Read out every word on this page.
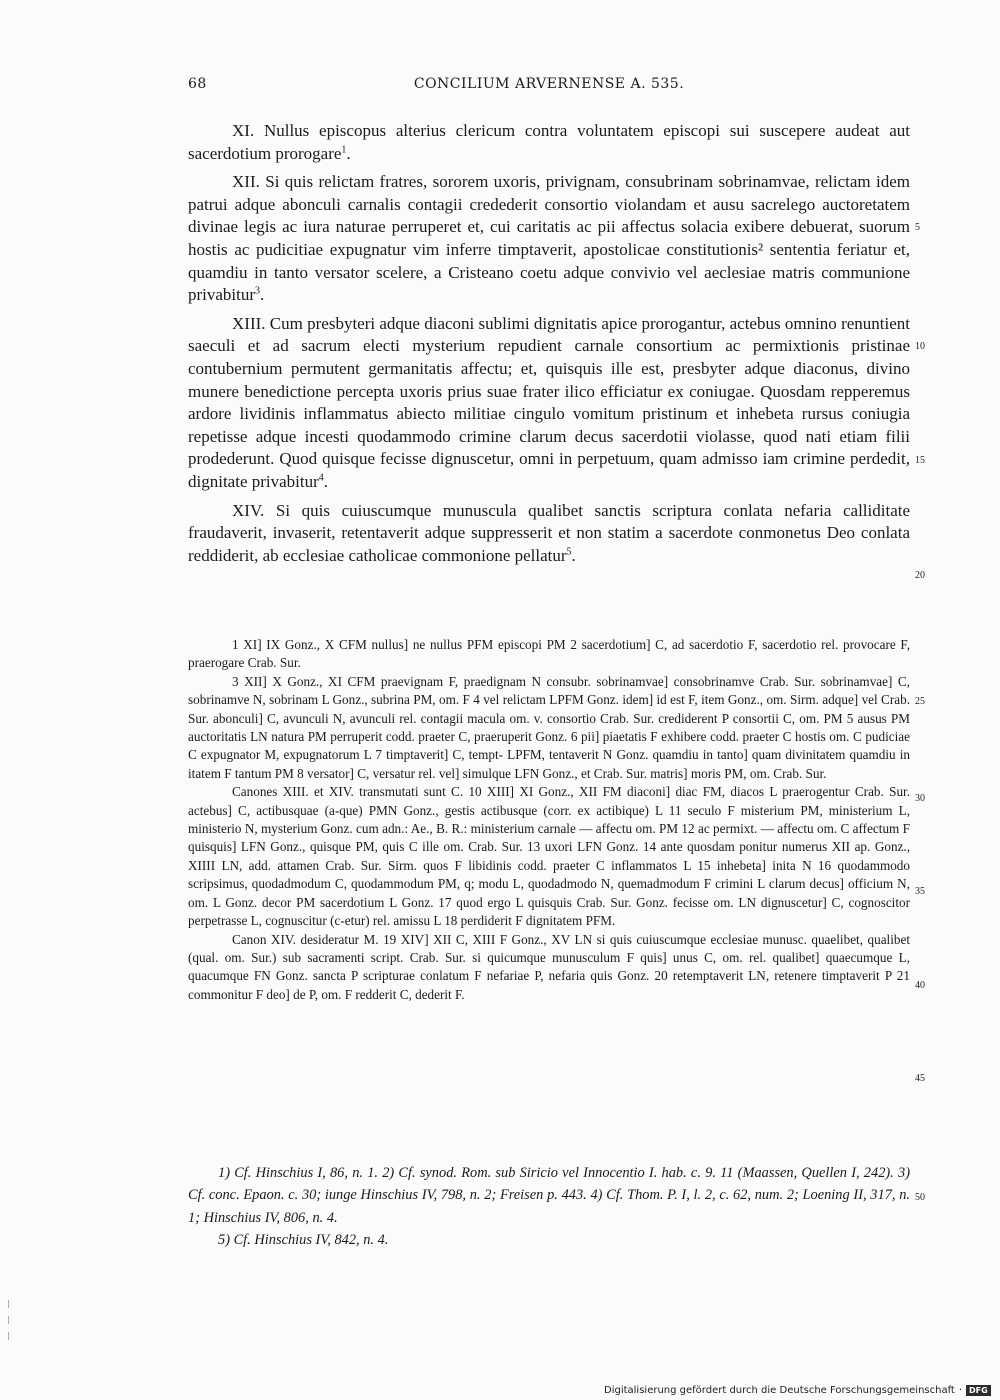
68	CONCILIUM ARVERNENSE A. 535.

XI. Nullus episcopus alterius clericum contra voluntatem episcopi sui suscepere audeat aut sacerdotium prorogare$^1$.

XII. Si quis relictam fratres, sororem uxoris, privignam, consubrinam sobrinamvae, relictam idem patrui adque abonculi carnalis contagii credederit consortio violandam et ausu sacrelego auctoretatem divinae legis ac iura naturae perruperet et, cui caritatis ac pii affectus solacia exibere debuerat, suorum hostis ac pudicitiae expugnatur vim inferre timptaverit, apostolicae constitutionis² sententia feriatur et, quamdiu in tanto versator scelere, a Cristeano coetu adque convivio vel aeclesiae matris communione privabitur$^3$.

XIII. Cum presbyteri adque diaconi sublimi dignitatis apice prorogantur, actebus omnino renuntient saeculi et ad sacrum electi mysterium repudient carnale consortium ac permixtionis pristinae contubernium permutent germanitatis affectu; et, quisquis ille est, presbyter adque diaconus, divino munere benedictione percepta uxoris prius suae frater ilico efficiatur ex coniugae. Quosdam repperemus ardore lividinis inflammatus abiecto militiae cingulo vomitum pristinum et inhebeta rursus coniugia repetisse adque incesti quodammodo crimine clarum decus sacerdotii violasse, quod nati etiam filii prodederunt. Quod quisque fecisse dignuscetur, omni in perpetuum, quam admisso iam crimine perdedit, dignitate privabitur$^4$.

XIV. Si quis cuiuscumque munuscula qualibet sanctis scriptura conlata nefaria calliditate fraudaverit, invaserit, retentaverit adque suppresserit et non statim a sacerdote conmonetus Deo conlata reddiderit, ab ecclesiae catholicae commonione pellatur$^5$.

1 XI] IX Gonz., X CFM nullus] ne nullus PFM episcopi PM 2 sacerdotium] C, ad sacerdotio F, sacerdotio rel. provocare F, praerogare Crab. Sur.

3 XII] X Gonz., XI CFM praevignam F, praedignam N consubr. sobrinamvae] consobrinamve Crab. Sur. sobrinamvae] C, sobrinamve N, sobrinam L Gonz., subrina PM, om. F 4 vel relictam LPFM Gonz. idem] id est F, item Gonz., om. Sirm. adque] vel Crab. Sur. abonculi] C, avunculi N, avunculi rel. contagii macula om. v. consortio Crab. Sur. crediderent P consortii C, om. PM 5 ausus PM auctoritatis LN natura PM perruperit codd. praeter C, praeruperit Gonz. 6 pii] piaetatis F exhibere codd. praeter C hostis om. C pudiciae C expugnator M, expugnatorum L 7 timptaverit] C, tempt- LPFM, tentaverit N Gonz. quamdiu in tanto] quam divinitatem quamdiu in itatem F tantum PM 8 versator] C, versatur rel. vel] simulque LFN Gonz., et Crab. Sur. matris] moris PM, om. Crab. Sur.

Canones XIII. et XIV. transmutati sunt C. 10 XIII] XI Gonz., XII FM diaconi] diac FM, diacos L praerogentur Crab. Sur. actebus] C, actibusquae (a-que) PMN Gonz., gestis actibusque (corr. ex actibique) L 11 seculo F misterium PM, ministerium L, ministerio N, mysterium Gonz. cum adn.: Ae., B. R.: ministerium carnale — affectu om. PM 12 ac permixt. — affectu om. C affectum F quisquis] LFN Gonz., quisque PM, quis C ille om. Crab. Sur. 13 uxori LFN Gonz. 14 ante quosdam ponitur numerus XII ap. Gonz., XIIII LN, add. attamen Crab. Sur. Sirm. quos F libidinis codd. praeter C inflammatos L 15 inhebeta] inita N 16 quodammodo scripsimus, quodadmodum C, quodammodum PM, q; modu L, quodadmodo N, quemadmodum F crimini L clarum decus] officium N, om. L Gonz. decor PM sacerdotium L Gonz. 17 quod ergo L quisquis Crab. Sur. Gonz. fecisse om. LN dignuscetur] C, cognoscitor perpetrasse L, cognuscitur (c-etur) rel. amissu L 18 perdiderit F dignitatem PFM.

Canon XIV. desideratur M. 19 XIV] XII C, XIII F Gonz., XV LN si quis cuiuscumque ecclesiae munusc. quaelibet, qualibet (qual. om. Sur.) sub sacramenti script. Crab. Sur. si quicumque munusculum F quis] unus C, om. rel. qualibet] quaecumque L, quacumque FN Gonz. sancta P scripturae conlatum F nefariae P, nefaria quis Gonz. 20 retemptaverit LN, retenere timptaverit P 21 commonitur F deo] de P, om. F redderit C, dederit F.

1) Cf. Hinschius I, 86, n. 1. 2) Cf. synod. Rom. sub Siricio vel Innocentio I. hab. c. 9. 11 (Maassen, Quellen I, 242). 3) Cf. conc. Epaon. c. 30; iunge Hinschius IV, 798, n. 2; Freisen p. 443. 4) Cf. Thom. P. I, l. 2, c. 62, num. 2; Loening II, 317, n. 1; Hinschius IV, 806, n. 4.

5) Cf. Hinschius IV, 842, n. 4.

5
10
15
20
25
30
35
40
45
50
Digitalisierung gefördert durch die Deutsche Forschungsgemeinschaft · DFG
